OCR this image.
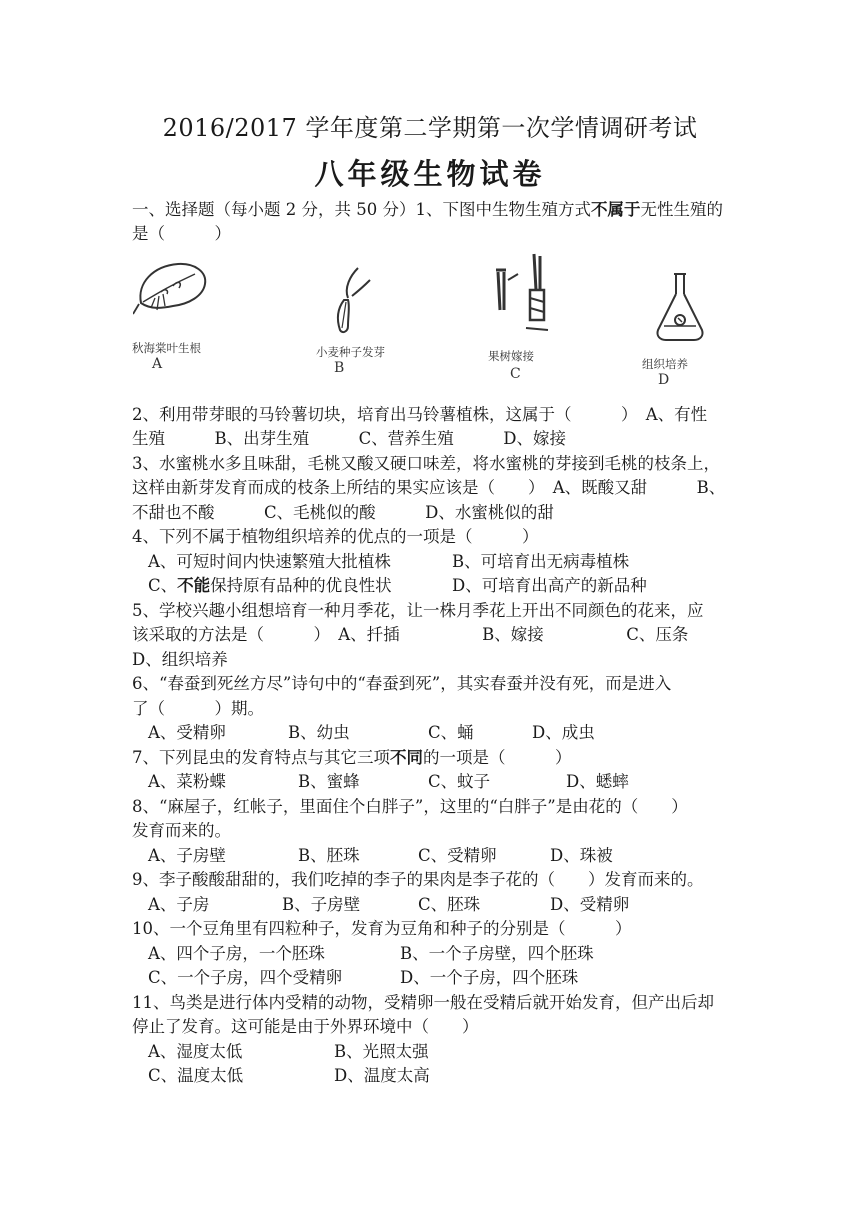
2016/2017 学年度第二学期第一次学情调研考试
八年级生物试卷
一、选择题（每小题 2 分，共 50 分）1、下图中生物生殖方式不属于无性生殖的
是（　　　）
秋海棠叶生根
A
小麦种子发芽
B
果树嫁接
C
组织培养
D
2、利用带芽眼的马铃薯切块，培育出马铃薯植株，这属于（　　　）　A、有性
生殖　　　B、出芽生殖　　　C、营养生殖　　　D、嫁接
3、水蜜桃水多且味甜，毛桃又酸又硬口味差，将水蜜桃的芽接到毛桃的枝条上，
这样由新芽发育而成的枝条上所结的果实应该是（　　）　A、既酸又甜　　　B、
不甜也不酸　　　C、毛桃似的酸　　　D、水蜜桃似的甜
4、下列不属于植物组织培养的优点的一项是（　　　）
A、可短时间内快速繁殖大批植株	B、可培育出无病毒植株
C、不能保持原有品种的优良性状	D、可培育出高产的新品种
5、学校兴趣小组想培育一种月季花，让一株月季花上开出不同颜色的花来，应
该采取的方法是（　　　）　A、扦插　　　　　B、嫁接　　　　　C、压条
D、组织培养
6、“春蚕到死丝方尽”诗句中的“春蚕到死”，其实春蚕并没有死，而是进入
了（　　　）期。
A、受精卵	B、幼虫	C、蛹	D、成虫
7、下列昆虫的发育特点与其它三项不同的一项是（　　　）
A、菜粉蝶	B、蜜蜂	C、蚊子	D、蟋蟀
8、“麻屋子，红帐子，里面住个白胖子”，这里的“白胖子”是由花的（　　）
发育而来的。
A、子房壁	B、胚珠	C、受精卵	D、珠被
9、李子酸酸甜甜的，我们吃掉的李子的果肉是李子花的（　　）发育而来的。
A、子房	B、子房壁	C、胚珠	D、受精卵
10、一个豆角里有四粒种子，发育为豆角和种子的分别是（　　　）
A、四个子房，一个胚珠	B、一个子房壁，四个胚珠
C、一个子房，四个受精卵	D、一个子房，四个胚珠
11、鸟类是进行体内受精的动物，受精卵一般在受精后就开始发育，但产出后却
停止了发育。这可能是由于外界环境中（　　）
A、湿度太低	B、光照太强
C、温度太低	D、温度太高
